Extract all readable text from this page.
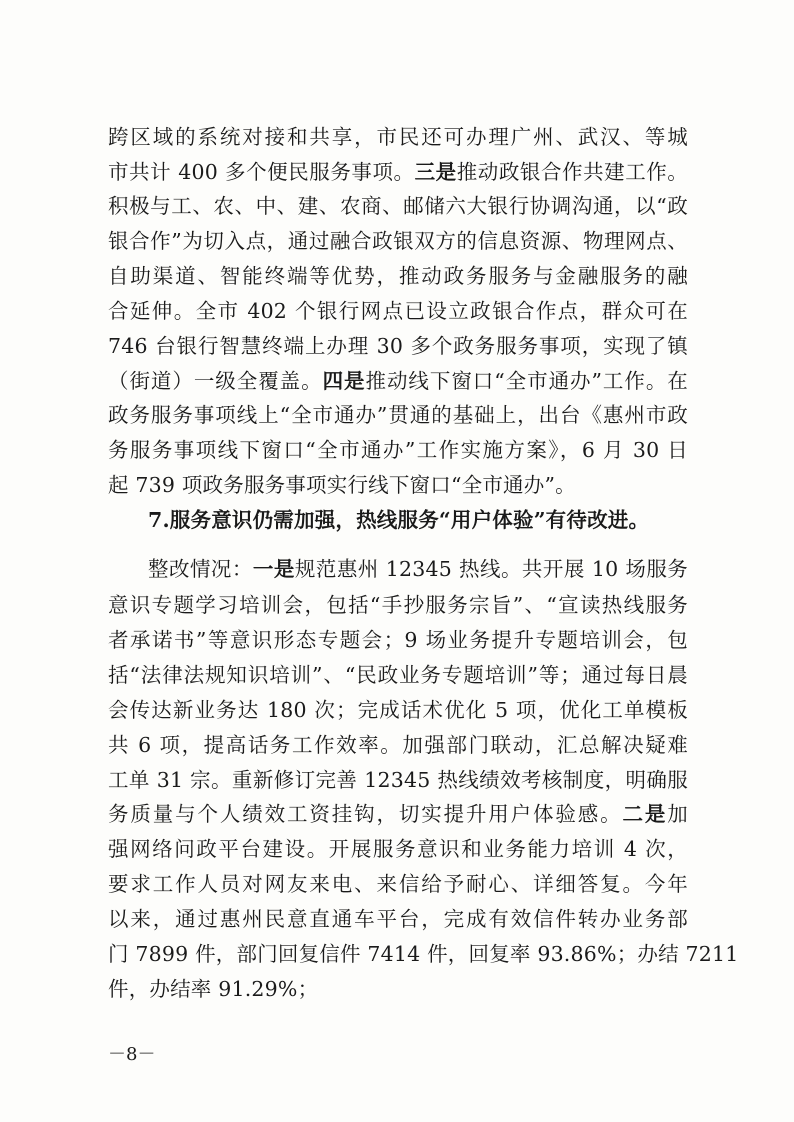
跨区域的系统对接和共享，市民还可办理广州、武汉、等城
市共计 400 多个便民服务事项。三是推动政银合作共建工作。
积极与工、农、中、建、农商、邮储六大银行协调沟通，以“政
银合作”为切入点，通过融合政银双方的信息资源、物理网点、
自助渠道、智能终端等优势，推动政务服务与金融服务的融
合延伸。全市 402 个银行网点已设立政银合作点，群众可在
746 台银行智慧终端上办理 30 多个政务服务事项，实现了镇
（街道）一级全覆盖。四是推动线下窗口“全市通办”工作。在
政务服务事项线上“全市通办”贯通的基础上，出台《惠州市政
务服务事项线下窗口“全市通办”工作实施方案》，6 月 30 日
起 739 项政务服务事项实行线下窗口“全市通办”。
7.服务意识仍需加强，热线服务“用户体验”有待改进。
整改情况：一是规范惠州 12345 热线。共开展 10 场服务
意识专题学习培训会，包括“手抄服务宗旨”、“宣读热线服务
者承诺书”等意识形态专题会；9 场业务提升专题培训会，包
括“法律法规知识培训”、“民政业务专题培训”等；通过每日晨
会传达新业务达 180 次；完成话术优化 5 项，优化工单模板
共 6 项，提高话务工作效率。加强部门联动，汇总解决疑难
工单 31 宗。重新修订完善 12345 热线绩效考核制度，明确服
务质量与个人绩效工资挂钩，切实提升用户体验感。二是加
强网络问政平台建设。开展服务意识和业务能力培训 4 次，
要求工作人员对网友来电、来信给予耐心、详细答复。今年
以来，通过惠州民意直通车平台，完成有效信件转办业务部
门 7899 件，部门回复信件 7414 件，回复率 93.86%；办结 7211
件，办结率 91.29%；
－8－
